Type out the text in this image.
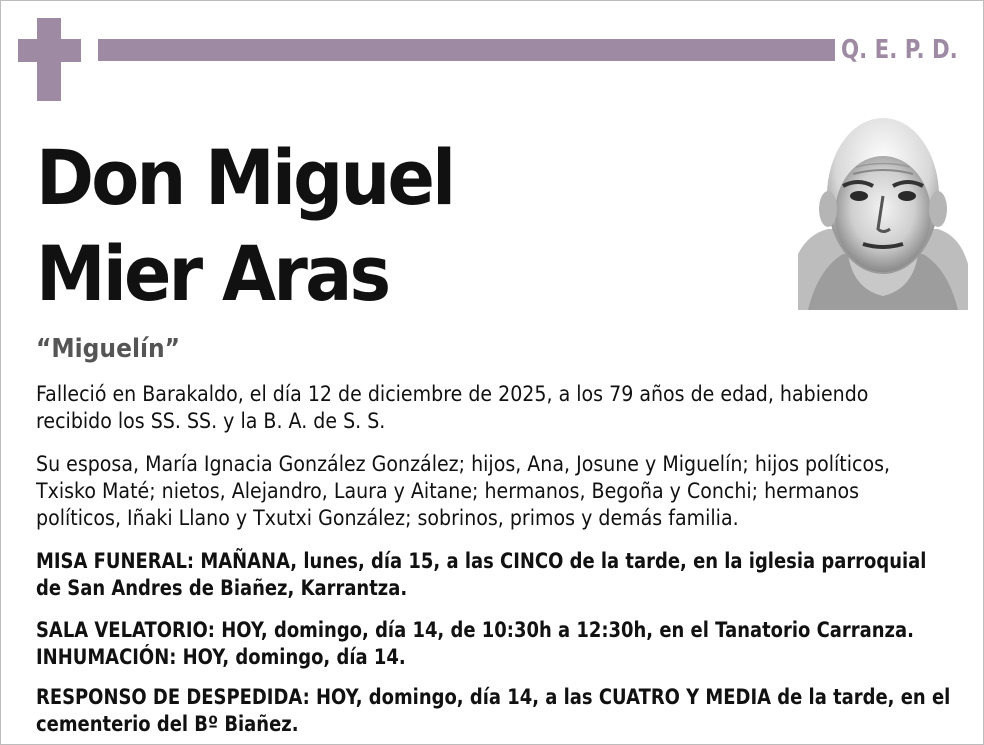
Q. E. P. D.
Don Miguel
Mier Aras
“Miguelín”

Falleció en Barakaldo, el día 12 de diciembre de 2025, a los 79 años de edad, habiendo recibido los SS. SS. y la B. A. de S. S.

Su esposa, María Ignacia González González; hijos, Ana, Josune y Miguelín; hijos políticos, Txisko Maté; nietos, Alejandro, Laura y Aitane; hermanos, Begoña y Conchi; hermanos políticos, Iñaki Llano y Txutxi González; sobrinos, primos y demás familia.

MISA FUNERAL: MAÑANA, lunes, día 15, a las CINCO de la tarde, en la iglesia parroquial de San Andres de Biañez, Karrantza.

SALA VELATORIO: HOY, domingo, día 14, de 10:30h a 12:30h, en el Tanatorio Carranza. INHUMACIÓN: HOY, domingo, día 14.

RESPONSO DE DESPEDIDA: HOY, domingo, día 14, a las CUATRO Y MEDIA de la tarde, en el cementerio del Bº Biañez.
